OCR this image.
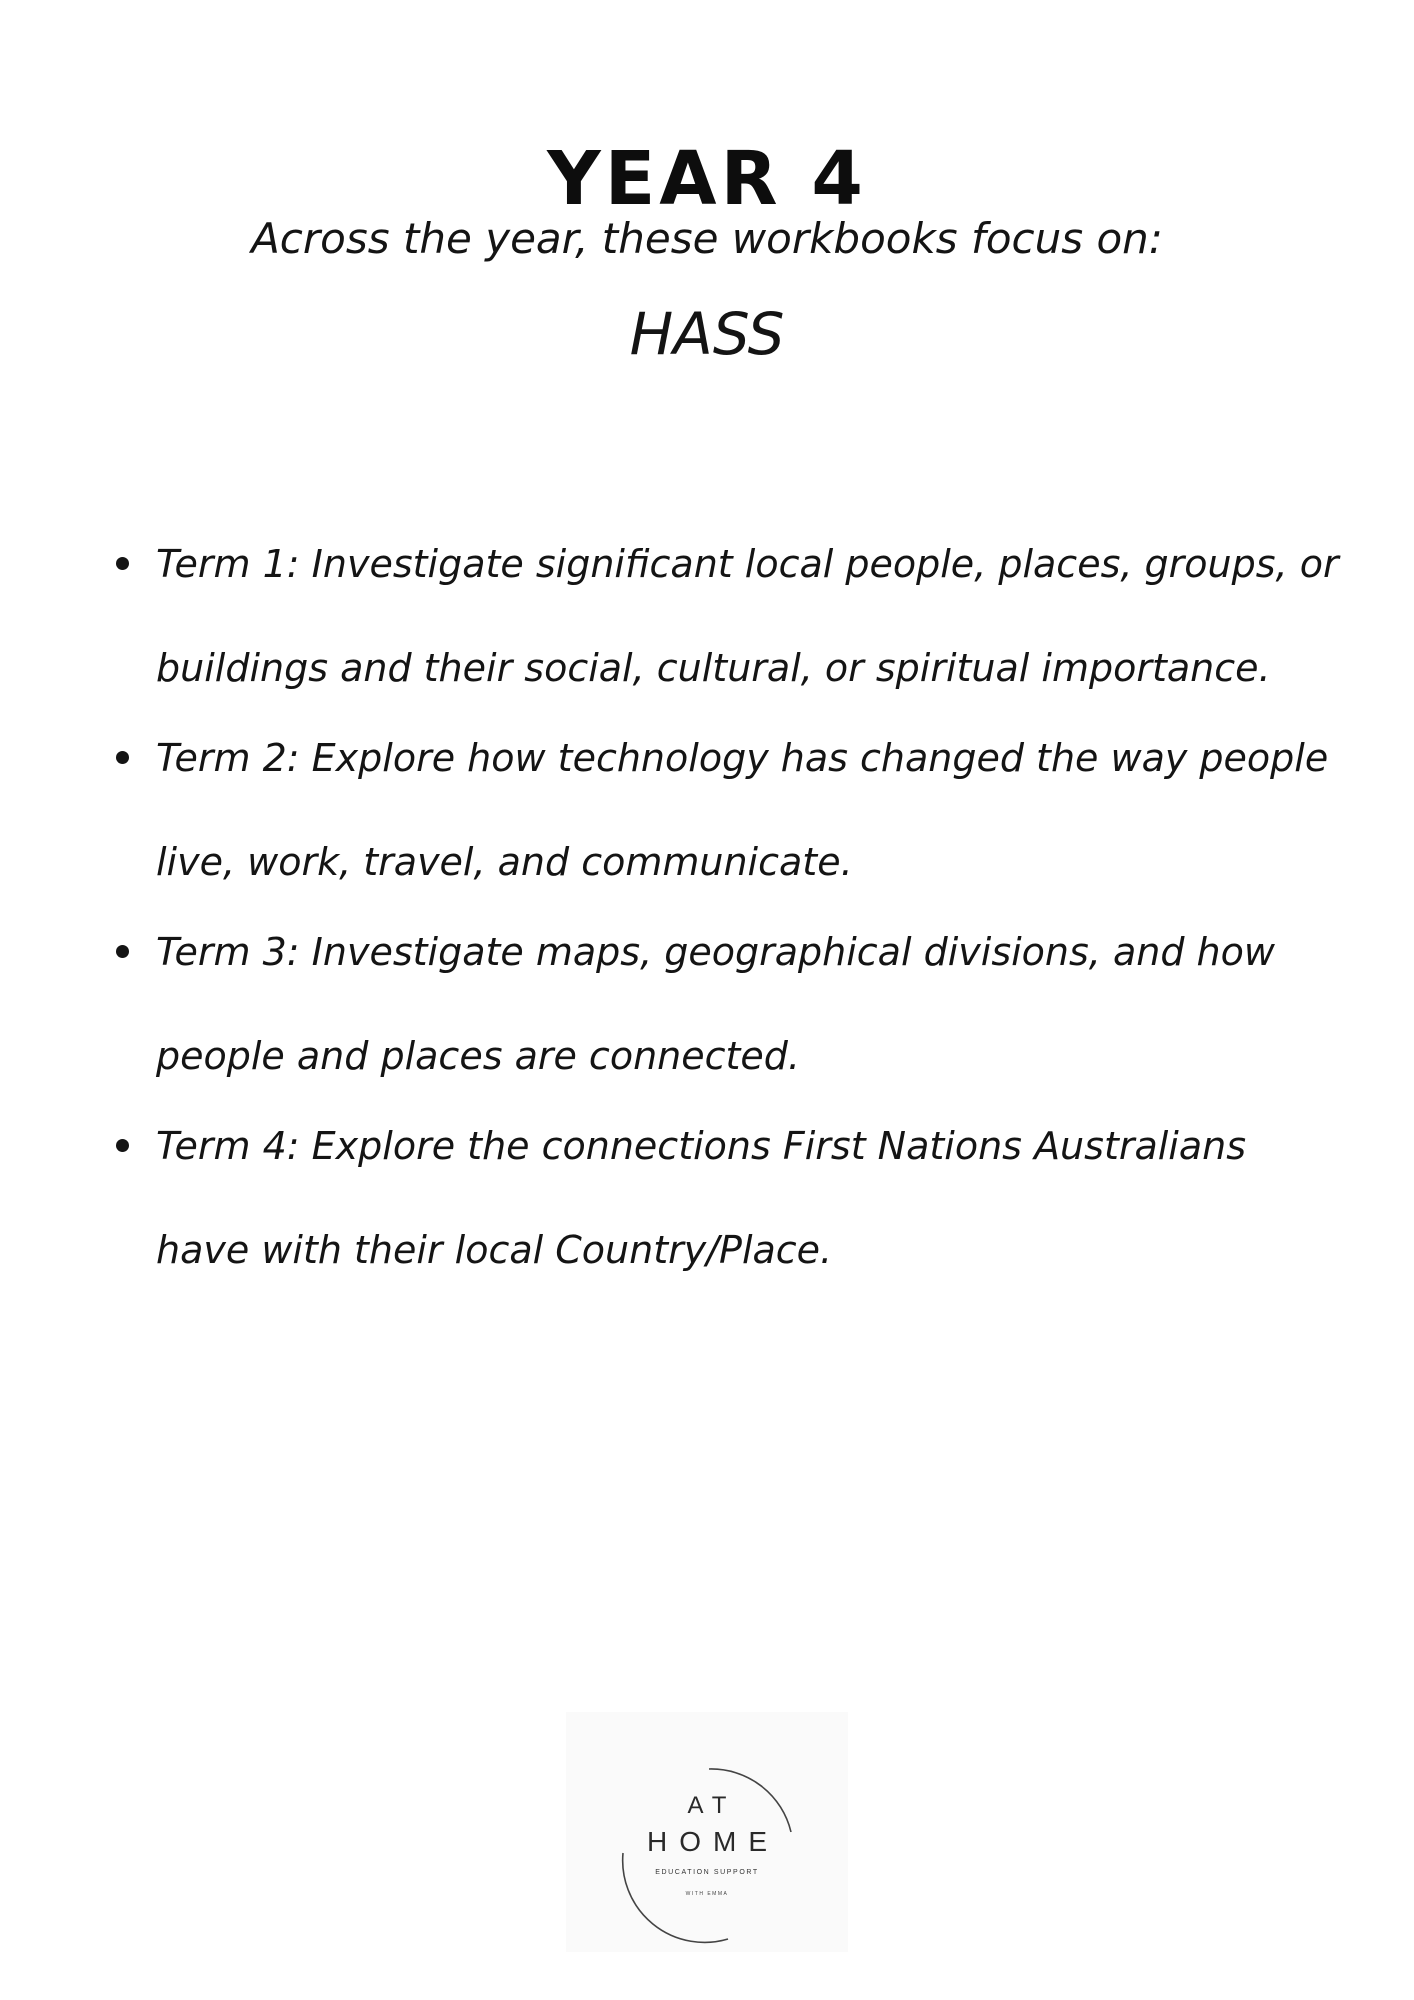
YEAR 4
Across the year, these workbooks focus on:
HASS
Term 1: Investigate significant local people, places, groups, or buildings and their social, cultural, or spiritual importance.
Term 2: Explore how technology has changed the way people live, work, travel, and communicate.
Term 3: Investigate maps, geographical divisions, and how people and places are connected.
Term 4: Explore the connections First Nations Australians have with their local Country/Place.
AT
HOME
EDUCATION SUPPORT
WITH EMMA
